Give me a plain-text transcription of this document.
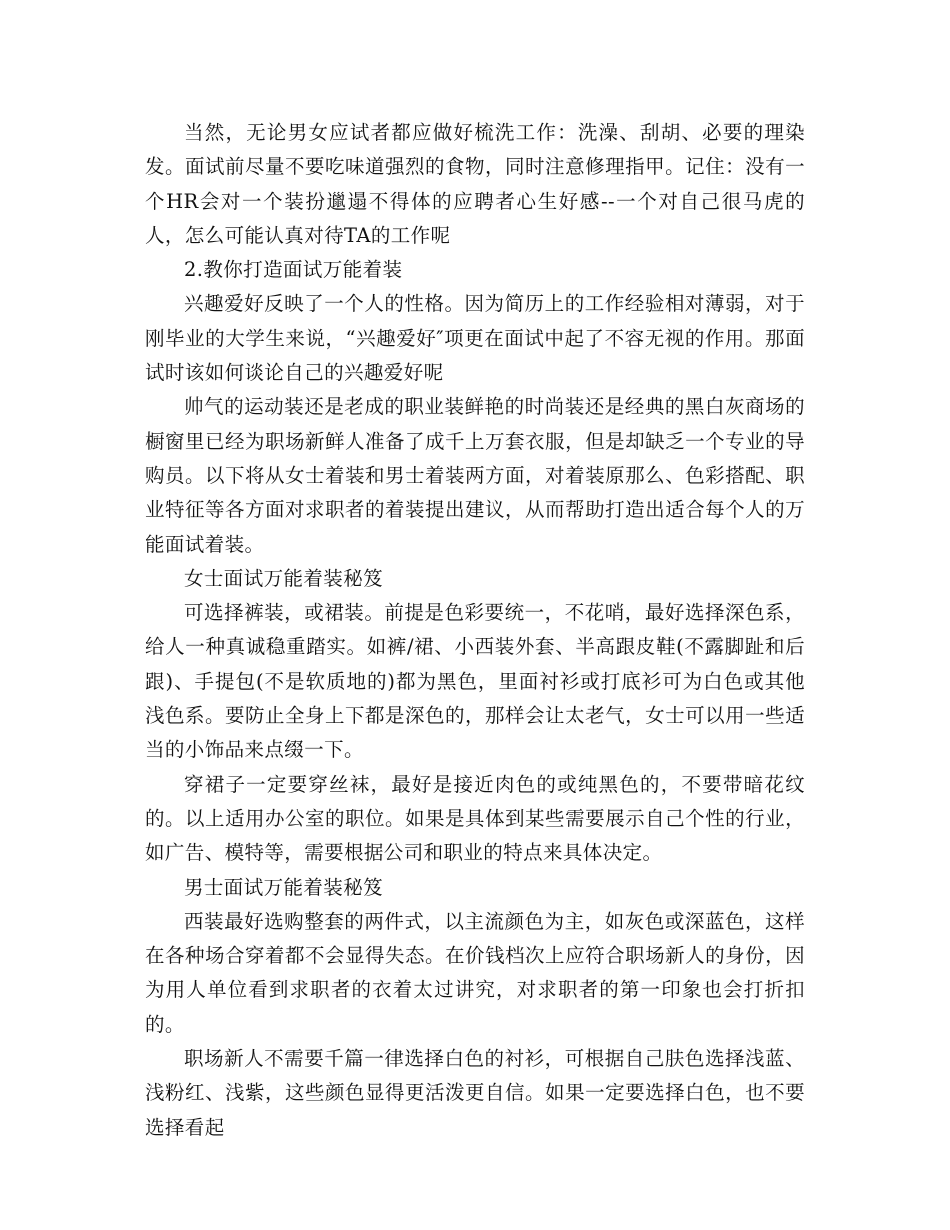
当然，无论男女应试者都应做好梳洗工作：洗澡、刮胡、必要的理染发。面试前尽量不要吃味道强烈的食物，同时注意修理指甲。记住：没有一个HR会对一个装扮邋遢不得体的应聘者心生好感--一个对自己很马虎的人，怎么可能认真对待TA的工作呢

2.教你打造面试万能着装

兴趣爱好反映了一个人的性格。因为简历上的工作经验相对薄弱，对于刚毕业的大学生来说，“兴趣爱好″项更在面试中起了不容无视的作用。那面试时该如何谈论自己的兴趣爱好呢

帅气的运动装还是老成的职业装鲜艳的时尚装还是经典的黑白灰商场的橱窗里已经为职场新鲜人准备了成千上万套衣服，但是却缺乏一个专业的导购员。以下将从女士着装和男士着装两方面，对着装原那么、色彩搭配、职业特征等各方面对求职者的着装提出建议，从而帮助打造出适合每个人的万能面试着装。

女士面试万能着装秘笈

可选择裤装，或裙装。前提是色彩要统一，不花哨，最好选择深色系，给人一种真诚稳重踏实。如裤/裙、小西装外套、半高跟皮鞋(不露脚趾和后跟)、手提包(不是软质地的)都为黑色，里面衬衫或打底衫可为白色或其他浅色系。要防止全身上下都是深色的，那样会让太老气，女士可以用一些适当的小饰品来点缀一下。

穿裙子一定要穿丝袜，最好是接近肉色的或纯黑色的，不要带暗花纹的。以上适用办公室的职位。如果是具体到某些需要展示自己个性的行业，如广告、模特等，需要根据公司和职业的特点来具体决定。

男士面试万能着装秘笈

西装最好选购整套的两件式，以主流颜色为主，如灰色或深蓝色，这样在各种场合穿着都不会显得失态。在价钱档次上应符合职场新人的身份，因为用人单位看到求职者的衣着太过讲究，对求职者的第一印象也会打折扣的。

职场新人不需要千篇一律选择白色的衬衫，可根据自己肤色选择浅蓝、浅粉红、浅紫，这些颜色显得更活泼更自信。如果一定要选择白色，也不要选择看起
